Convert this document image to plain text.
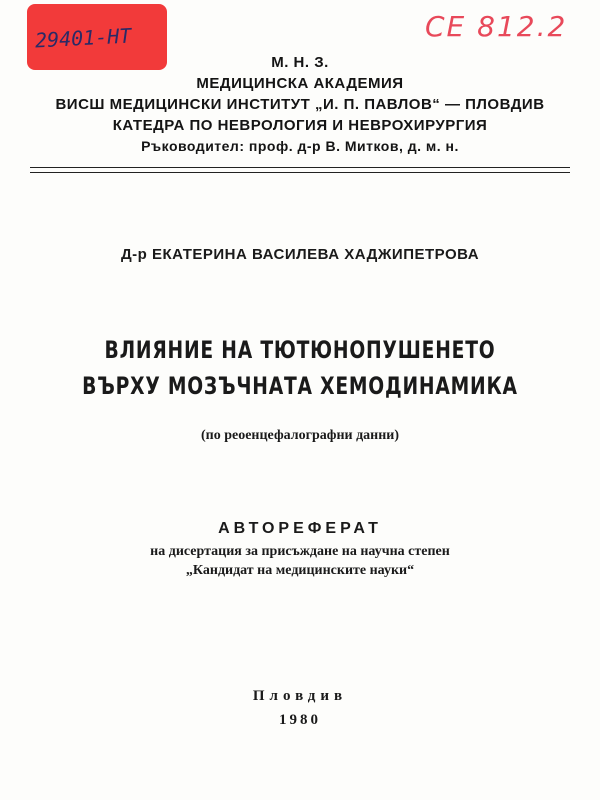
29401-НТ	CE 812.2
М. Н. З.
МЕДИЦИНСКА АКАДЕМИЯ
ВИСШ МЕДИЦИНСКИ ИНСТИТУТ „И. П. ПАВЛОВ“ — ПЛОВДИВ
КАТЕДРА ПО НЕВРОЛОГИЯ И НЕВРОХИРУРГИЯ
Ръководител: проф. д-р В. Митков, д. м. н.
Д-р ЕКАТЕРИНА ВАСИЛЕВА ХАДЖИПЕТРОВА
ВЛИЯНИЕ НА ТЮТЮНОПУШЕНЕТО
ВЪРХУ МОЗЪЧНАТА ХЕМОДИНАМИКА
(по реоенцефалографни данни)
АВТОРЕФЕРАТ
на дисертация за присъждане на научна степен
„Кандидат на медицинските науки“
Пловдив
1980
